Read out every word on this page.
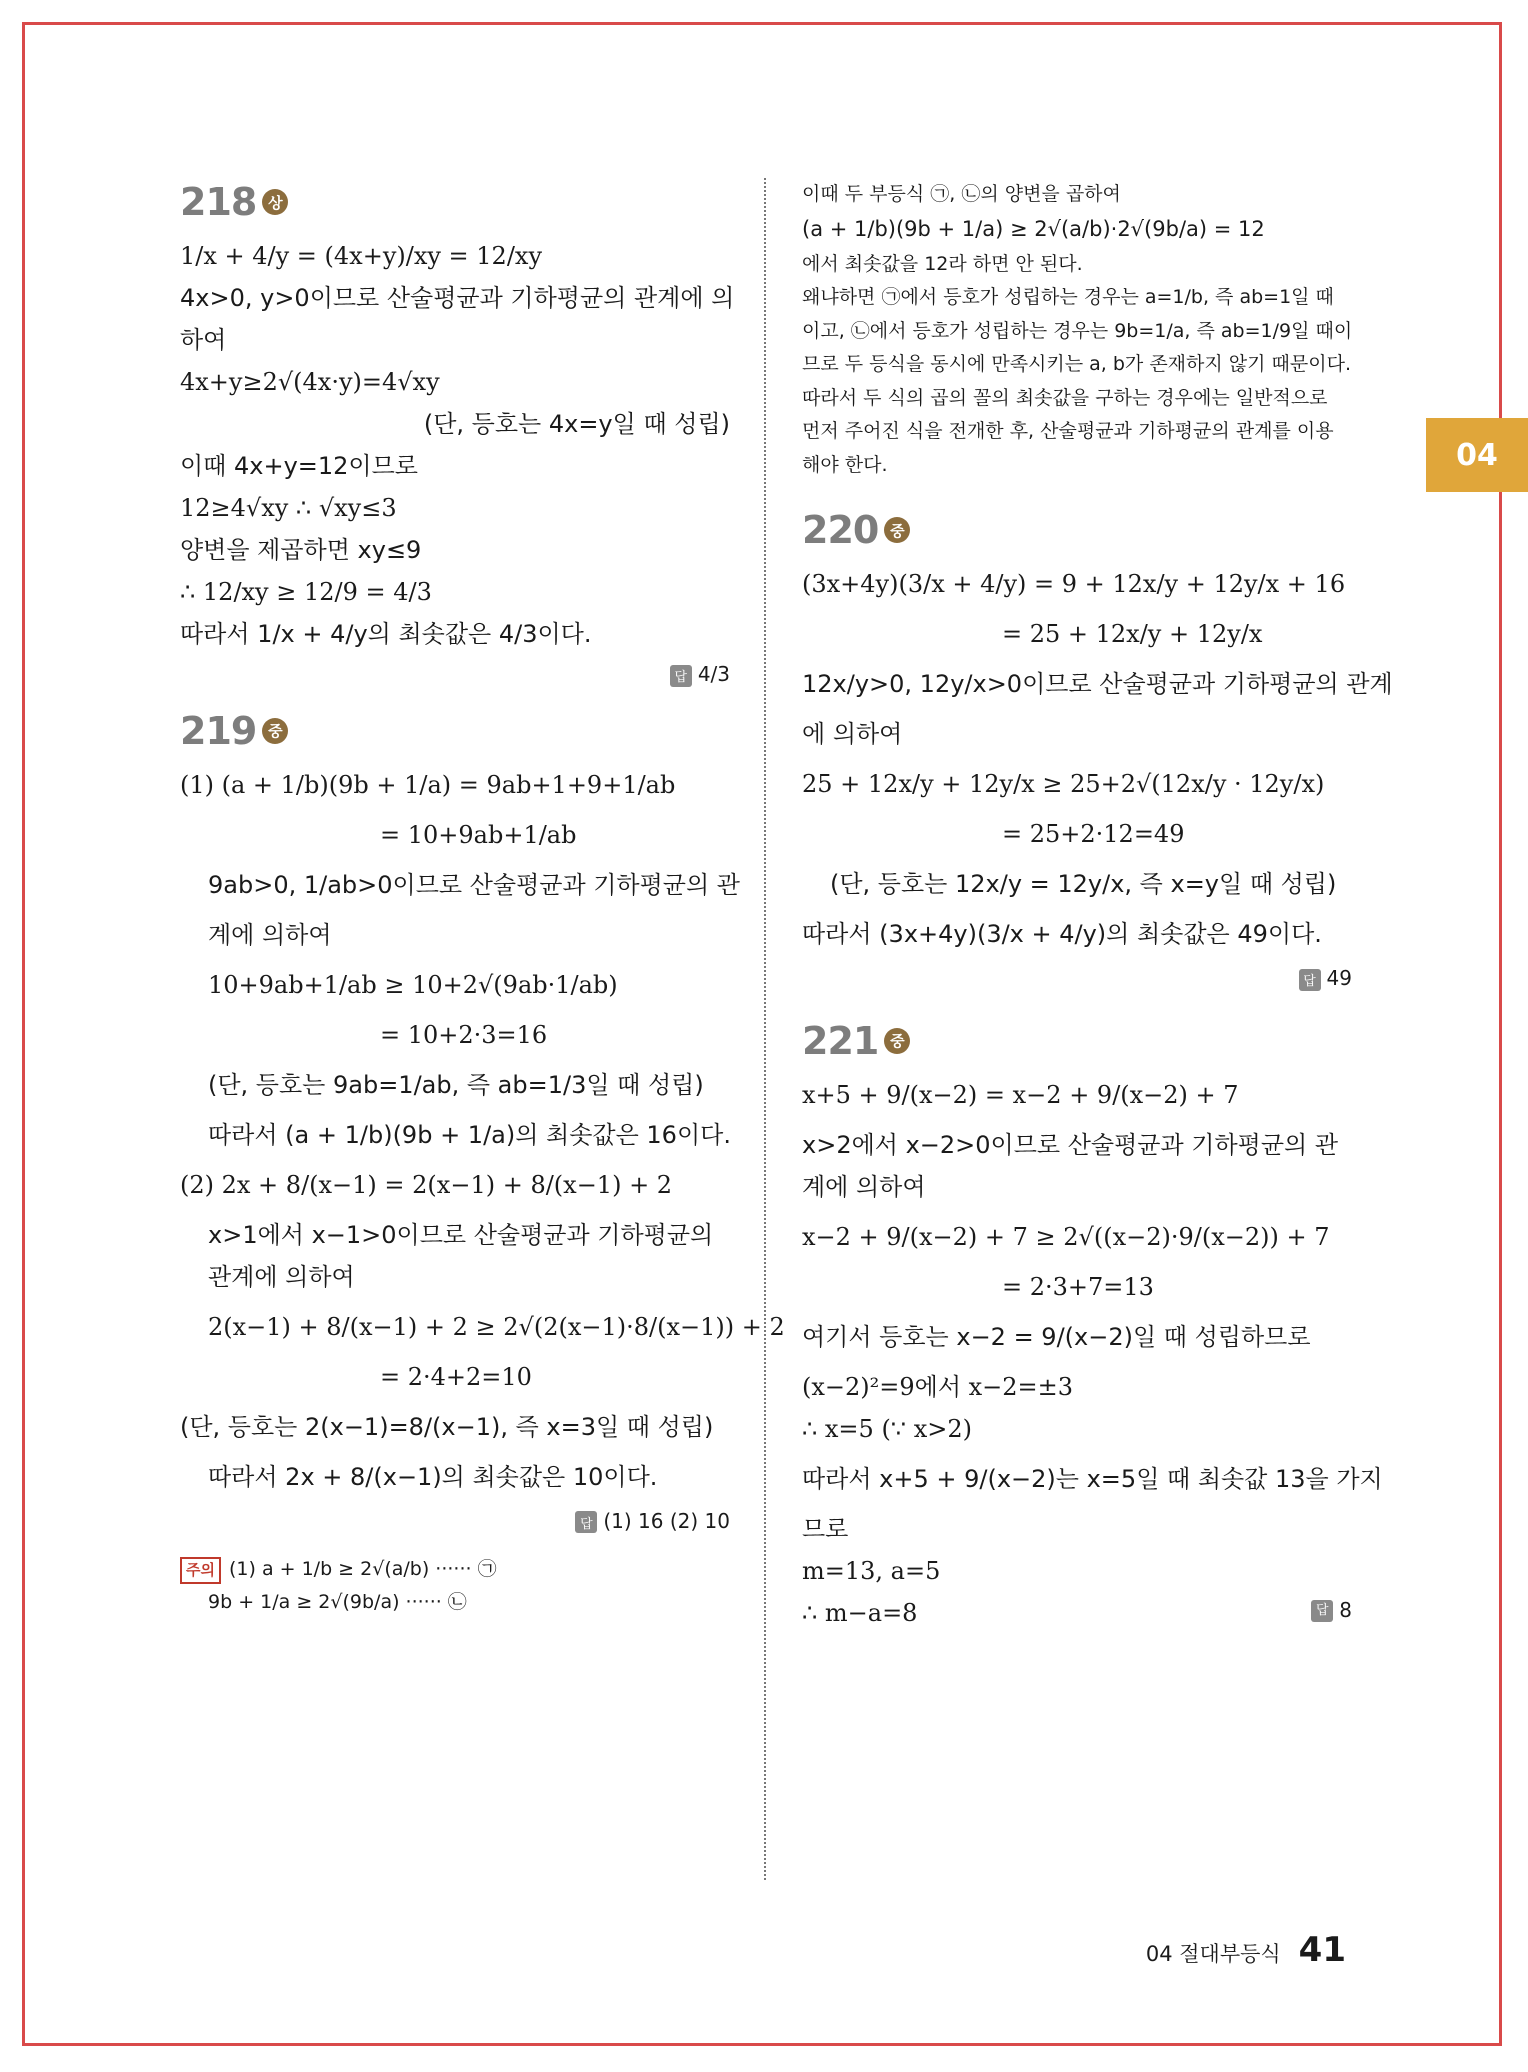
04
218 상
1/x + 4/y = (4x+y)/xy = 12/xy
4x>0, y>0이므로 산술평균과 기하평균의 관계에 의
하여
4x+y≥2√(4x·y)=4√xy
(단, 등호는 4x=y일 때 성립)
이때 4x+y=12이므로
12≥4√xy ∴ √xy≤3
양변을 제곱하면 xy≤9
∴ 12/xy ≥ 12/9 = 4/3
따라서 1/x + 4/y의 최솟값은 4/3이다.
답 4/3
219 중
(1) (a + 1/b)(9b + 1/a) = 9ab+1+9+1/ab
= 10+9ab+1/ab
9ab>0, 1/ab>0이므로 산술평균과 기하평균의 관
계에 의하여
10+9ab+1/ab ≥ 10+2√(9ab·1/ab)
= 10+2·3=16
(단, 등호는 9ab=1/ab, 즉 ab=1/3일 때 성립)
따라서 (a + 1/b)(9b + 1/a)의 최솟값은 16이다.
(2) 2x + 8/(x−1) = 2(x−1) + 8/(x−1) + 2
x>1에서 x−1>0이므로 산술평균과 기하평균의
관계에 의하여
2(x−1) + 8/(x−1) + 2 ≥ 2√(2(x−1)·8/(x−1)) + 2
= 2·4+2=10
(단, 등호는 2(x−1)=8/(x−1), 즉 x=3일 때 성립)
따라서 2x + 8/(x−1)의 최솟값은 10이다.
답 (1) 16 (2) 10
주의 (1) a + 1/b ≥ 2√(a/b) ······ ㉠
9b + 1/a ≥ 2√(9b/a) ······ ㉡
이때 두 부등식 ㉠, ㉡의 양변을 곱하여
(a + 1/b)(9b + 1/a) ≥ 2√(a/b)·2√(9b/a) = 12
에서 최솟값을 12라 하면 안 된다.
왜냐하면 ㉠에서 등호가 성립하는 경우는 a=1/b, 즉 ab=1일 때
이고, ㉡에서 등호가 성립하는 경우는 9b=1/a, 즉 ab=1/9일 때이
므로 두 등식을 동시에 만족시키는 a, b가 존재하지 않기 때문이다.
따라서 두 식의 곱의 꼴의 최솟값을 구하는 경우에는 일반적으로
먼저 주어진 식을 전개한 후, 산술평균과 기하평균의 관계를 이용
해야 한다.
220 중
(3x+4y)(3/x + 4/y) = 9 + 12x/y + 12y/x + 16
= 25 + 12x/y + 12y/x
12x/y>0, 12y/x>0이므로 산술평균과 기하평균의 관계
에 의하여
25 + 12x/y + 12y/x ≥ 25+2√(12x/y · 12y/x)
= 25+2·12=49
(단, 등호는 12x/y = 12y/x, 즉 x=y일 때 성립)
따라서 (3x+4y)(3/x + 4/y)의 최솟값은 49이다.
답 49
221 중
x+5 + 9/(x−2) = x−2 + 9/(x−2) + 7
x>2에서 x−2>0이므로 산술평균과 기하평균의 관
계에 의하여
x−2 + 9/(x−2) + 7 ≥ 2√((x−2)·9/(x−2)) + 7
= 2·3+7=13
여기서 등호는 x−2 = 9/(x−2)일 때 성립하므로
(x−2)²=9에서 x−2=±3
∴ x=5 (∵ x>2)
따라서 x+5 + 9/(x−2)는 x=5일 때 최솟값 13을 가지
므로
m=13, a=5
∴ m−a=8	답 8
04 절대부등식 41
